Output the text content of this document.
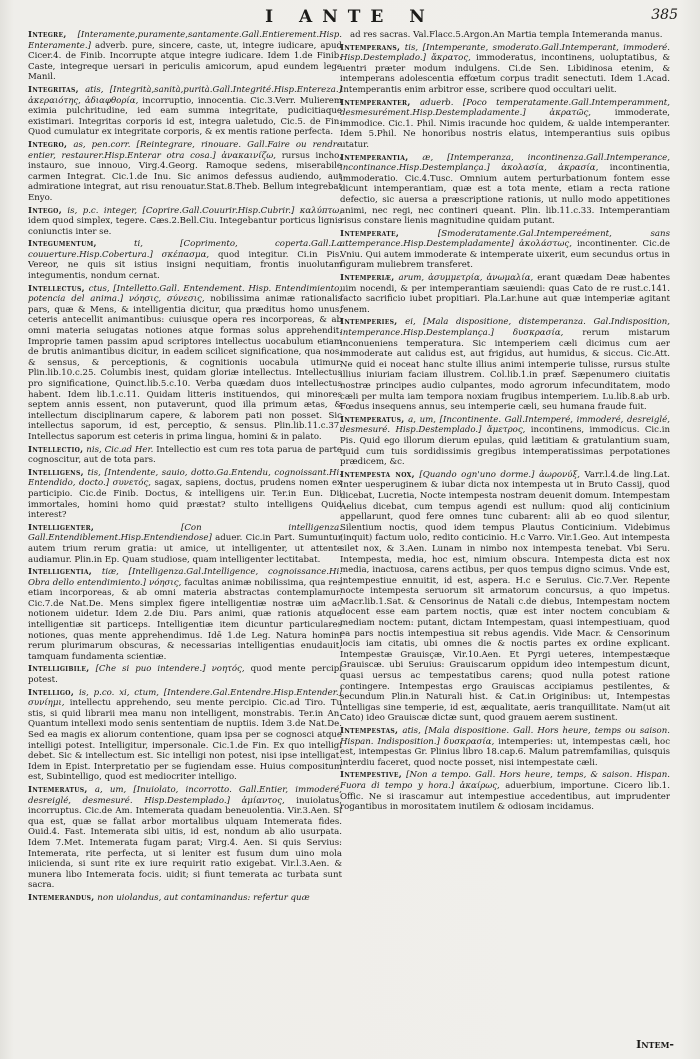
I ANTE N	385

Integre, [Interamente,puramente,santamente.Gall.Entierement.Hisp. Enteramente.] adverb. pure, sincere, caste, ut, integre iudicare, apud Cicer.4. de Finib. Incorrupte atque integre iudicare. Idem 1.de Finib. Caste, integreque uersari in periculis amicorum, apud eundem lege Manil.

Integritas, atis, [Integrità,sanità,purità.Gall.Integrité.Hisp.Entereza.] ἀκεραιότης, ἀδιαφθορία, incorruptio, innocentia. Cic.3.Verr. Mulierem eximia pulchritudine, ied eam summa integritate, pudicitiaque existimari. Integritas corporis id est, integra ualetudo, Cic.5. de Fin. Quod cumulatur ex integritate corporis, & ex mentis ratione perfecta.

Integro, as, pen.corr. [Reintegrare, rinouare. Gall.Faire ou rendre entier, restaurer.Hisp.Enterar otra cosa.] ἀνακαινίζω, rursus incho, instauro, sue innouo, Virg.4.Georg. Ramoque sedens, miserabile carmen Integrat. Cic.1.de Inu. Sic animos defessus audiendo, aut admiratione integrat, aut risu renouatur.Stat.8.Theb. Bellum integrebat Enyo.

Intego, is, p.c. integer, [Coprire.Gall.Couurir.Hisp.Cubrir.] καλύπτω, idem quod simplex, tegere. Cæs.2.Bell.Ciu. Integebantur porticus lignis coniunctis inter se.

Integumentum,	ti, [Coprimento, coperta.Gall.La couuerture.Hisp.Cobertura.] σκέπασμα, quod integitur. Ci.in Pis. Vereor, ne quis sit istius insigni nequitiam, frontis inuolutam integumentis, nondum cernat.

Intellectus, ctus, [Intelletto.Gall. Entendement. Hisp. Entendimiento, potencia del anima.] νόησις, σύνεσις, nobilissima animæ rationalis pars, quæ & Mens, & intelligentia dicitur, qua præditus homo unus, ceteris antecellit animantibus: cuiusque opera res incorporeas, & ab omni materia seiugatas notiones atque formas solus apprehendit. Improprie tamen passim apud scriptores intellectus uocabulum etiam de brutis animantibus dicitur, in eadem scilicet significatione, qua nos, & sensus, & perceptionis, & cognitionis uocabula utimur. Plin.lib.10.c.25. Columbis inest, quidam gloriæ intellectus. Intellectus pro significatione, Quinct.lib.5.c.10. Verba quædam duos intellectus habent. Idem lib.1.c.11. Quidam litteris instituendos, qui minores septem annis essent, non putaverunt, quod illa primum ætas, & intellectum disciplinarum capere, & laborem pati non posset. Sic intellectus saporum, id est, perceptio, & sensus. Plin.lib.11.c.37. Intellectus saporum est ceteris in prima lingua, homini & in palato.

Intellectio, nis, Cic.ad Her. Intellectio est cum res tota parua de parte cognoscitur, aut de tota pars.

Intelligens, tis, [Intendente, sauio, dotto.Ga.Entendu, cognoissant.Hi. Entendido, docto.] συνετός, sagax, sapiens, doctus, prudens nomen ex participio. Cic.de Finib. Doctus, & intelligens uir. Ter.in Eun. Dii immortales, homini homo quid præstat? stulto intelligens Quid interest?

Intelligenter,	[Con intelligenza. Gall.Entendiblement.Hisp.Entendiendose] aduer. Cic.in Part. Sumuntur autem trium rerum gratia: ut amice, ut intelligenter, ut attente audiamur. Plin.in Ep. Quam studiose, quam intelligenter lectitabat.

Intelligentia, tiæ, [Intelligenza.Gal.Intelligence, cognoissance.Hi. Obra dello entendimiento.] νόησις, facultas animæ nobilissima, qua res etiam incorporeas, & ab omni materia abstractas contemplamur. Cic.7.de Nat.De. Mens simplex figere intelligentiæ nostræ uim ac notionem uidetur. Idem 2.de Diu. Pars animi, quæ rationis atque intelligentiæ sit particeps. Intelligentiæ item dicuntur particulares notiones, quas mente apprehendimus. Idē 1.de Leg. Natura homini rerum plurimarum obscuras, & necessarias intelligentias enudauit, tamquam fundamenta scientiæ.

Intelligibile, [Che si puo intendere.] νοητός, quod mente percipi potest.

Intelligo, is, p.co. xi, ctum, [Intendere.Gal.Entendre.Hisp.Entender.] συνίημι, intellectu apprehendo, seu mente percipio. Cic.ad Tiro. Tu stis, si quid librarii mea manu non intelligent, monstrabis. Ter.in An. Quantum intellexi modo senis sententiam de nuptiis. Idem 3.de Nat.De. Sed ea magis ex aliorum contentione, quam ipsa per se cognosci atque intelligi potest. Intelligitur, impersonale. Cic.1.de Fin. Ex quo intelligi debet. Sic & intellectum est. Sic intelligi non potest, nisi ipse intelligat. Idem in Epist. Interpretatio per se fugiendam esse. Huius compositum est, Subintelligo, quod est mediocriter intelligo.

Intemeratus, a, um, [Inuiolato, incorrotto. Gall.Entier, immoderé, desreiglé, desmesuré. Hisp.Destemplado.] ἀμίαντος, inuiolatus, incorruptus. Cic.de Am. Intemerata quadam beneuolentia. Vir.3.Aen. Si qua est, quæ se fallat arbor mortalibus ulquam Intemerata fides. Ouid.4. Fast. Intemerata sibi uitis, id est, nondum ab alio usurpata. Idem 7.Met. Intemerata fugam parat; Virg.4. Aen. Si quis Servius: Intemerata, rite perfecta, ut si leniter est fusum dum uino mola iniicienda, si sunt rite ex iure requirit ratio exigebat. Vir.l.3.Aen. & munera libo Intemerata focis. uidit; si fiunt temerata ac turbata sunt sacra.

Intemerandus, non uiolandus, aut contaminandus: refertur quæ

ad res sacras. Val.Flacc.5.Argon.An Martia templa Intemeranda manus.

Intemperans, tis, [Intemperante, smoderato.Gall.Intemperant, immoderé. Hisp.Destemplado.] ἄκρατος, immoderatus, incontinens, uoluptatibus, & uentri præter modum indulgens. Ci.de Sen. Libidinosa etenim, & intemperans adolescentia effœtum corpus tradit senectuti. Idem 1.Acad. Intemperantis enim arbitror esse, scribere quod occultari uelit.

Intemperanter, aduerb. [Poco temperatamente.Gall.Intemperamment, desmesurément.Hisp.Destempladamente.]	ἀκρατῶς,	immoderate, immodice. Cic.1. Phil. Nimis iracunde hoc quidem, & ualde intemperanter. Idem 5.Phil. Ne honoribus nostris elatus, intemperantius suis opibus utatur.

Intemperantia, æ, [Intemperanza, incontinenza.Gall.Intemperance, incontinance.Hisp.Destemplança.] ἀκολασία, ἀκρασία, incontinentia, immoderatio. Cic.4.Tusc. Omnium autem perturbationum fontem esse dicunt intemperantiam, quæ est a tota mente, etiam a recta ratione defectio, sic auersa a præscriptione rationis, ut nullo modo appetitiones animi, nec regi, nec contineri queant. Plin. lib.11.c.33. Intemperantiam risus constare lienis magnitudine quidam putant.

Intemperate,	[Smoderatamente.Gal.Intempereément, sans attemperance.Hisp.Destempladamente] ἀκολάστως, incontinenter. Cic.de Vniu. Qui autem immoderate & intemperate uixerit, eum secundus ortus in figuram muliebrem transferet.

Intemperiæ, arum, ἀσυμμετρία, ἀνωμαλία, erant quædam Deæ habentes uim nocendi, & per intemperantiam sæuiendi: quas Cato de re rust.c.141. facto sacrificio iubet propitiari. Pla.Lar.hune aut quæ intemperiæ agitant fenem.

Intemperies, ei, [Mala dispositione, distemperanza. Gal.Indisposition, intemperance.Hisp.Destemplança.] δυσκρασία, rerum mistarum inconueniens temperatura. Sic intemperiem cæli dicimus cum aer immoderate aut calidus est, aut frigidus, aut humidus, & siccus. Cic.Att. Ne quid ei noceat hanc stulte illius animi intemperie tulisse, rursus stulte illius iniuriam faciam illustrem. Col.lib.1.in præf. Sæpenumero ciuitatis nostræ principes audio culpantes, modo agrorum infecunditatem, modo cæli per multa iam tempora noxiam frugibus intemperiem. Lu.lib.8.ab urb. Fœdus insequens annus, seu intemperie cæli, seu humana fraude fuit.

Intemperatus, a, um, [Incontinente. Gall.Intemperé, immoderé, desreiglé, desmesuré. Hisp.Destemplado.] ἄμετρος, incontinens, immodicus. Cic.in Pis. Quid ego illorum dierum epulas, quid lætitiam & gratulantium suam, quid cum tuis sordidissimis gregibus intemperatissimas perpotationes prædicem, &c.

Intempesta nox, [Quando ogn'uno dorme.] ἀωρονύξ, Varr.l.4.de ling.Lat. Inter uesperuginem & iubar dicta nox intempesta ut in Bruto Cassij, quod dicebat, Lucretia, Nocte intempesta nostram deuenit domum. Intempestam Aelius dicebat, cum tempus agendi est nullum: quod alij conticinium appellarunt, quod fere omnes tunc cubarent: alii ab eo quod silentur, Silentium noctis, quod idem tempus Plautus Conticinium. Videbimus (inquit) factum uolo, redito conticinio. H.c Varro. Vir.1.Geo. Aut intempesta silet nox, & 3.Aen. Lunam in nimbo nox intempesta tenebat. Vbi Seru. Intempesta, media, hoc est, nimium obscura. Intempesta dicta est nox media, inactuosa, carens actibus, per quos tempus digno scimus. Vnde est, intempestiue ennuitit, id est, aspera. H.c e Seruius. Cic.7.Ver. Repente nocte intempesta seruorum sit armatorum concursus, a quo impetus. Macr.lib.1.Sat. & Censorinus de Natali c.de diebus, Intempestam noctem docent esse eam partem noctis, quæ est inter noctem concubiam & mediam noctem: putant, dictam Intempestam, quasi intempestiuam, quod ea pars noctis intempestiua sit rebus agendis. Vide Macr. & Censorinum locis iam citatis, ubi omnes die & noctis partes ex ordine explicant. Intempestæ Grauisçæ, Vir.10.Aen. Et Pyrgi ueteres, intempestæque Grauiscæ. ubi Seruius: Grauiscarum oppidum ideo intempestum dicunt, quasi uersus ac tempestatibus carens; quod nulla potest ratione contingere. Intempestas ergo Grauiscas accipiamus pestilentes, & secundum Plin.in Naturali hist. & Cat.in Originibus: ut, Intempestas intelligas sine temperie, id est, æqualitate, aeris tranquillitate. Nam(ut ait Cato) ideo Grauiscæ dictæ sunt, quod grauem aerem sustinent.

Intempestas, atis, [Mala dispositione. Gall. Hors heure, temps ou saison. Hispan. Indisposition.] δυσκρασία, intemperies: ut, intempestas cæli, hoc est, intempestas Gr. Plinius libro 18.cap.6. Malum patremfamilias, quisquis interdiu faceret, quod nocte posset, nisi intempestate cæli.

Intempestive, [Non a tempo. Gall. Hors heure, temps, & saison. Hispan. Fuora di tempo y hora.] ἀκαίρως, aduerbium, importune. Cicero lib.1. Offic. Ne si irascamur aut intempestiue accedentibus, aut imprudenter rogantibus in morositatem inutilem & odiosam incidamus.

Intem-
